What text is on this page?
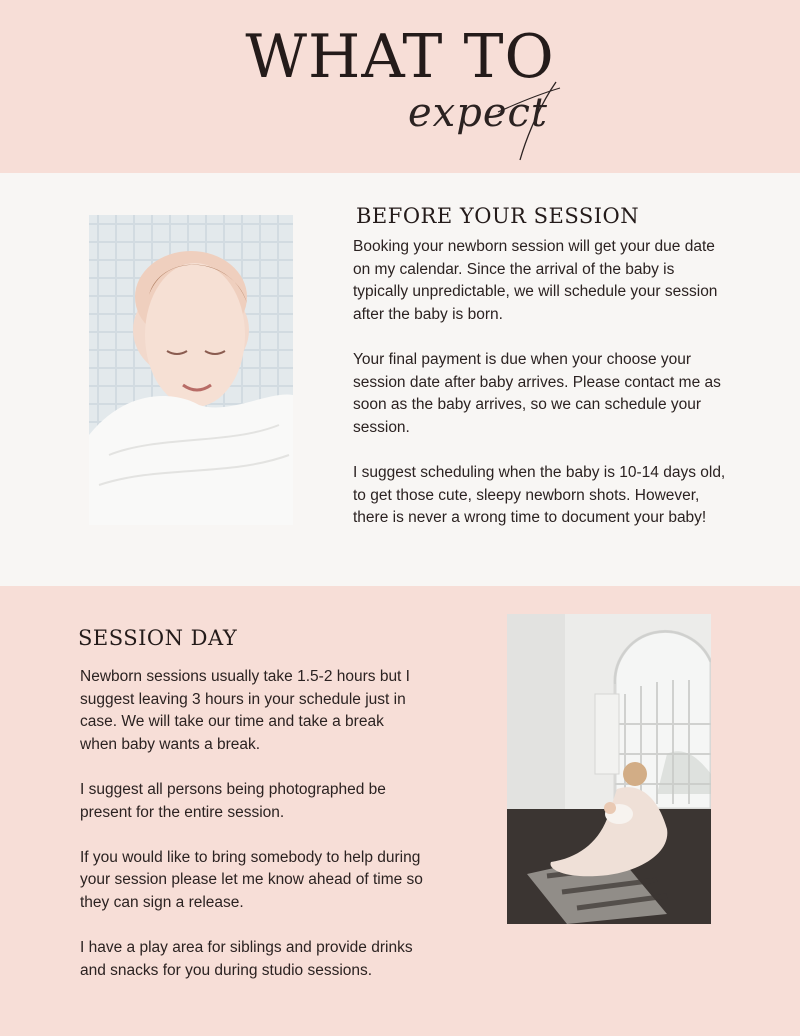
WHAT TO
expect
BEFORE YOUR SESSION

Booking your newborn session will get your due date on my calendar. Since the arrival of the baby is typically unpredictable, we will schedule your session after the baby is born.

Your final payment is due when your choose your session date after baby arrives. Please contact me as soon as the baby arrives, so we can schedule your session.

I suggest scheduling when the baby is 10-14 days old, to get those cute, sleepy newborn shots. However, there is never a wrong time to document your baby!

SESSION DAY

Newborn sessions usually take 1.5-2 hours but I suggest leaving 3 hours in your schedule just in case. We will take our time and take a break when baby wants a break.

I suggest all persons being photographed be present for the entire session.

If you would like to bring somebody to help during your session please let me know ahead of time so they can sign a release.

I have a play area for siblings and provide drinks and snacks for you during studio sessions.
